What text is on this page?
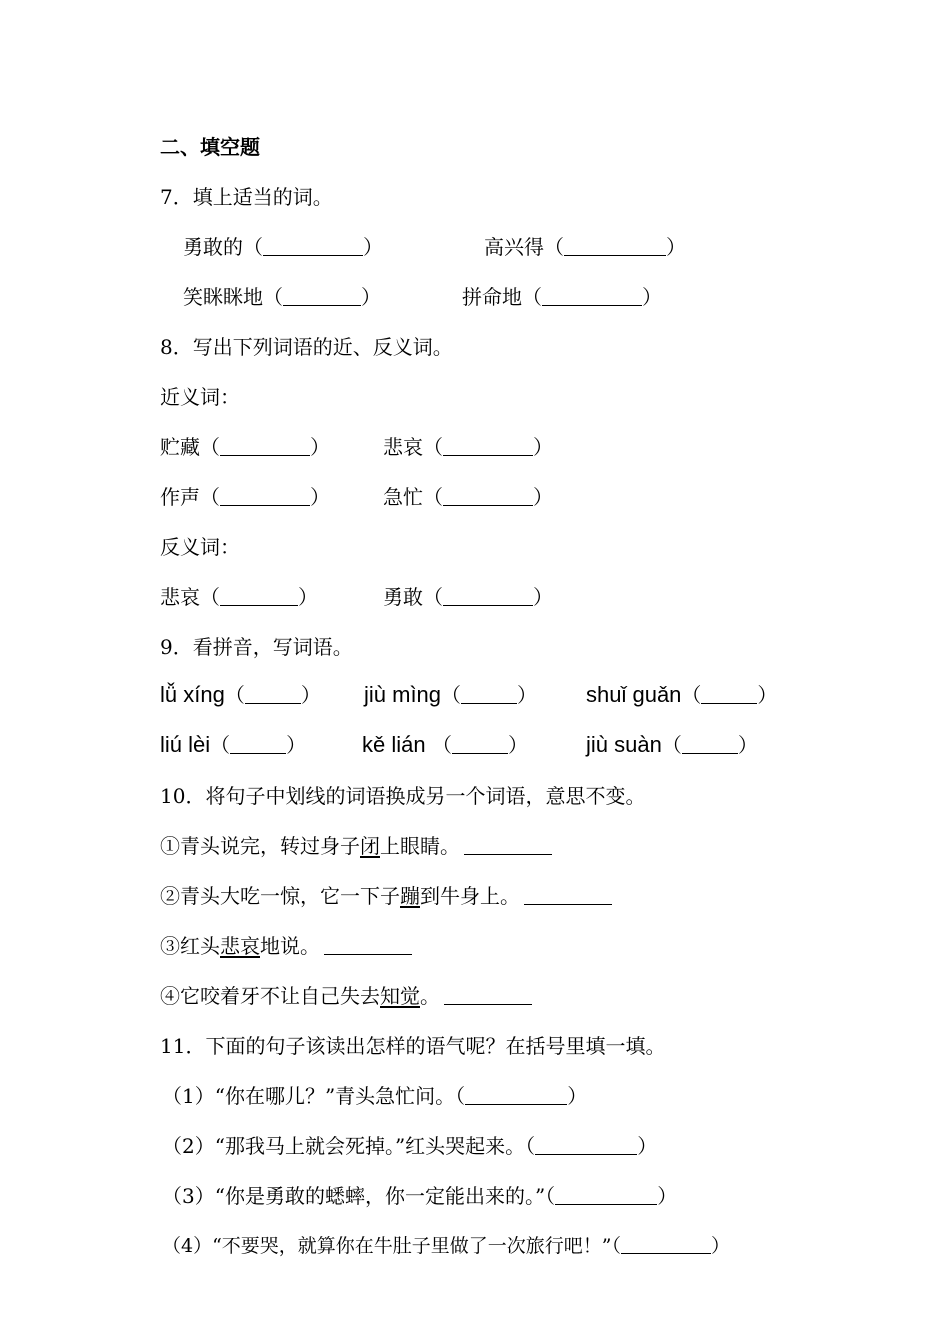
二、填空题
7．填上适当的词。
勇敢的（	）	高兴得（	）
笑眯眯地（	）	拼命地（	）
8．写出下列词语的近、反义词。
近义词：
贮藏（	）	悲哀（	）
作声（	）	急忙（	）
反义词：
悲哀（	）	勇敢（	）
9．看拼音，写词语。
lǚ xíng（	） jiù mìng（	） shuǐ guǎn（	）
liú lèi（	）	kě lián （	）	jiù suàn（	）
10．将句子中划线的词语换成另一个词语，意思不变。
①青头说完，转过身子闭上眼睛。
②青头大吃一惊，它一下子蹦到牛身上。
③红头悲哀地说。
④它咬着牙不让自己失去知觉。
11．下面的句子该读出怎样的语气呢？在括号里填一填。
（1）“你在哪儿？”青头急忙问。（	）
（2）“那我马上就会死掉。”红头哭起来。（	）
（3）“你是勇敢的蟋蟀，你一定能出来的。”（	）
（4）“不要哭，就算你在牛肚子里做了一次旅行吧！”（	）
